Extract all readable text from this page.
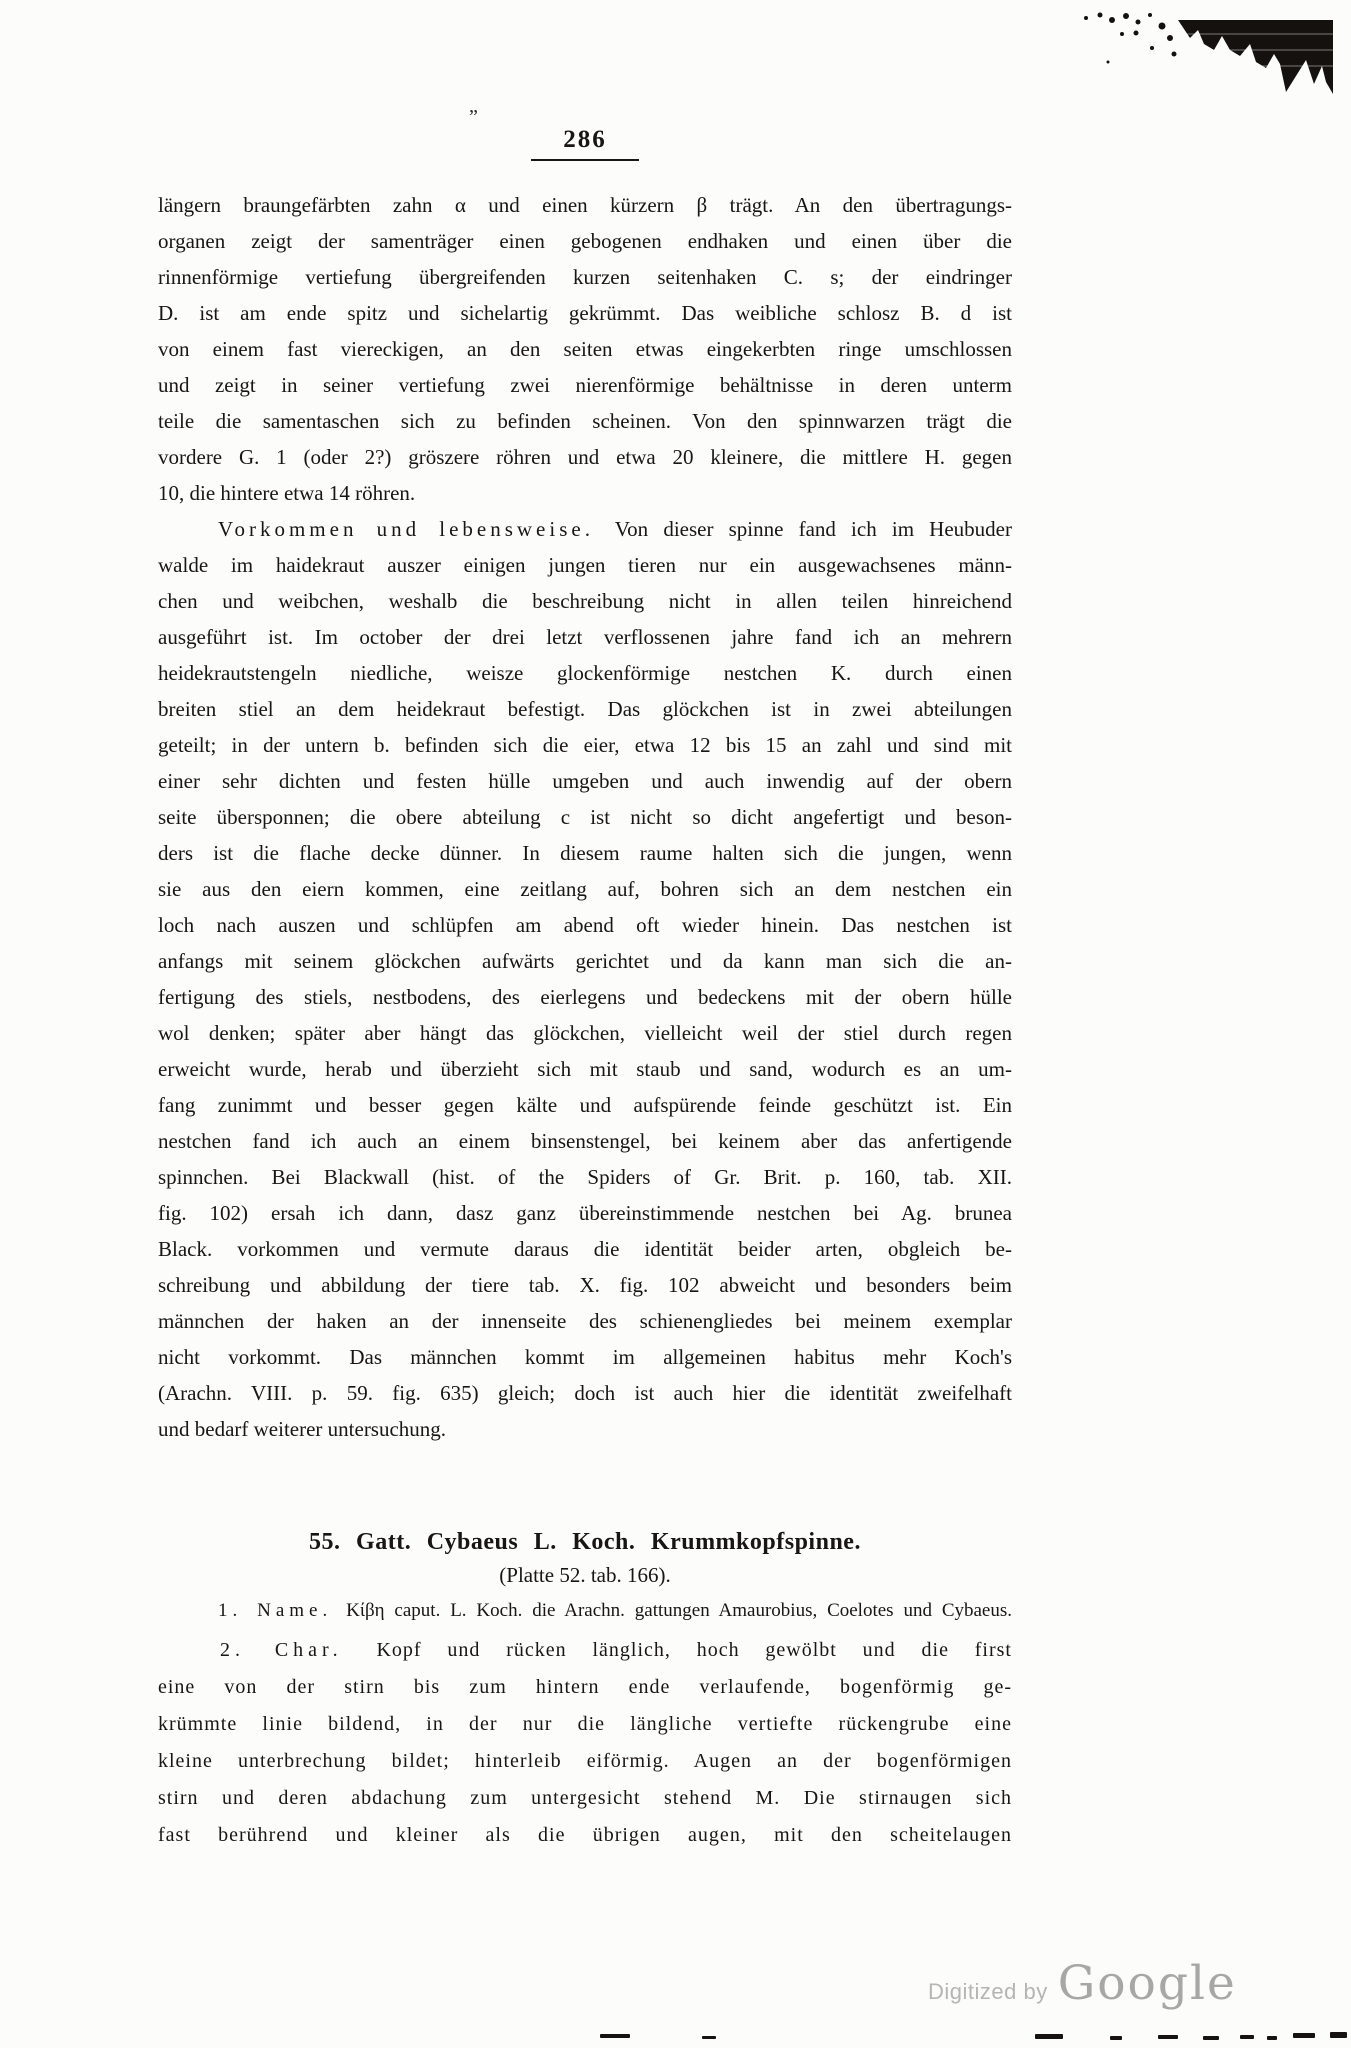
”
286
längern braungefärbten zahn α und einen kürzern β trägt. An den übertragungs-
organen zeigt der samenträger einen gebogenen endhaken und einen über die
rinnenförmige vertiefung übergreifenden kurzen seitenhaken C. s; der eindringer
D. ist am ende spitz und sichelartig gekrümmt. Das weibliche schlosz B. d ist
von einem fast viereckigen, an den seiten etwas eingekerbten ringe umschlossen
und zeigt in seiner vertiefung zwei nierenförmige behältnisse in deren unterm
teile die samentaschen sich zu befinden scheinen. Von den spinnwarzen trägt die
vordere G. 1 (oder 2?) gröszere röhren und etwa 20 kleinere, die mittlere H. gegen
10, die hintere etwa 14 röhren.
Vorkommen und lebensweise. Von dieser spinne fand ich im Heubuder
walde im haidekraut auszer einigen jungen tieren nur ein ausgewachsenes männ-
chen und weibchen, weshalb die beschreibung nicht in allen teilen hinreichend
ausgeführt ist. Im october der drei letzt verflossenen jahre fand ich an mehrern
heidekrautstengeln niedliche, weisze glockenförmige nestchen K. durch einen
breiten stiel an dem heidekraut befestigt. Das glöckchen ist in zwei abteilungen
geteilt; in der untern b. befinden sich die eier, etwa 12 bis 15 an zahl und sind mit
einer sehr dichten und festen hülle umgeben und auch inwendig auf der obern
seite übersponnen; die obere abteilung c ist nicht so dicht angefertigt und beson-
ders ist die flache decke dünner. In diesem raume halten sich die jungen, wenn
sie aus den eiern kommen, eine zeitlang auf, bohren sich an dem nestchen ein
loch nach auszen und schlüpfen am abend oft wieder hinein. Das nestchen ist
anfangs mit seinem glöckchen aufwärts gerichtet und da kann man sich die an-
fertigung des stiels, nestbodens, des eierlegens und bedeckens mit der obern hülle
wol denken; später aber hängt das glöckchen, vielleicht weil der stiel durch regen
erweicht wurde, herab und überzieht sich mit staub und sand, wodurch es an um-
fang zunimmt und besser gegen kälte und aufspürende feinde geschützt ist. Ein
nestchen fand ich auch an einem binsenstengel, bei keinem aber das anfertigende
spinnchen. Bei Blackwall (hist. of the Spiders of Gr. Brit. p. 160, tab. XII.
fig. 102) ersah ich dann, dasz ganz übereinstimmende nestchen bei Ag. brunea
Black. vorkommen und vermute daraus die identität beider arten, obgleich be-
schreibung und abbildung der tiere tab. X. fig. 102 abweicht und besonders beim
männchen der haken an der innenseite des schienengliedes bei meinem exemplar
nicht vorkommt. Das männchen kommt im allgemeinen habitus mehr Koch's
(Arachn. VIII. p. 59. fig. 635) gleich; doch ist auch hier die identität zweifelhaft
und bedarf weiterer untersuchung.
55. Gatt. Cybaeus L. Koch. Krummkopfspinne.
(Platte 52. tab. 166).
1. Name. Κίβη caput. L. Koch. die Arachn. gattungen Amaurobius, Coelotes und Cybaeus.
2. Char. Kopf und rücken länglich, hoch gewölbt und die first
eine von der stirn bis zum hintern ende verlaufende, bogenförmig ge-
krümmte linie bildend, in der nur die längliche vertiefte rückengrube eine
kleine unterbrechung bildet; hinterleib eiförmig. Augen an der bogenförmigen
stirn und deren abdachung zum untergesicht stehend M. Die stirnaugen sich
fast berührend und kleiner als die übrigen augen, mit den scheitelaugen
Digitized by Google
